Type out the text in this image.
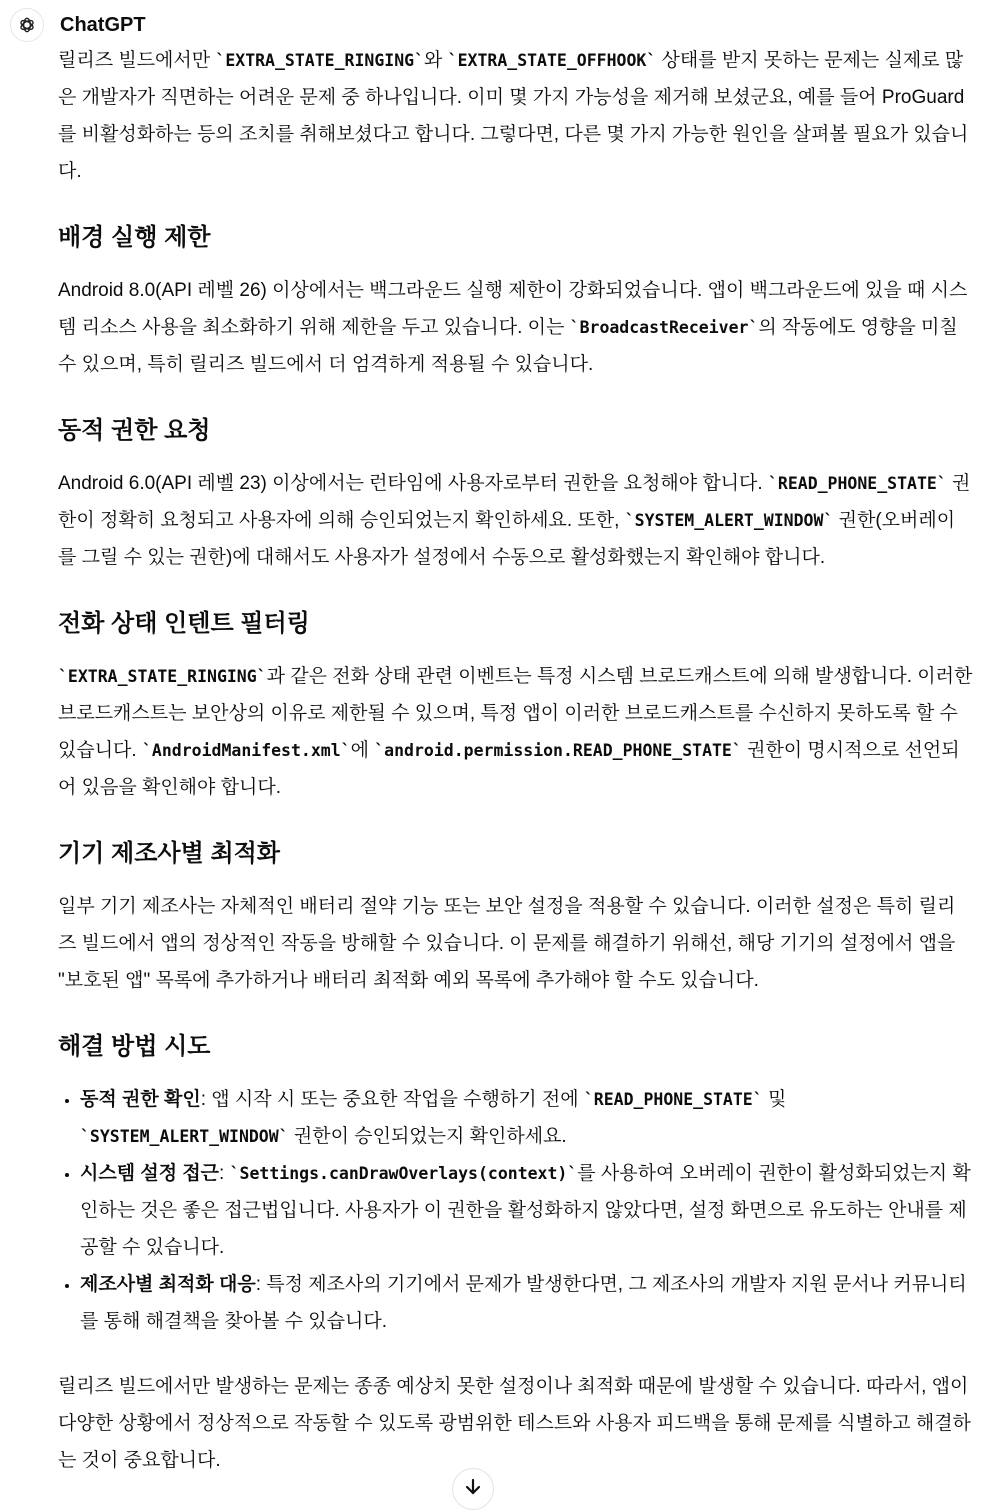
ChatGPT

릴리즈 빌드에서만 `EXTRA_STATE_RINGING`와 `EXTRA_STATE_OFFHOOK` 상태를 받지 못하는 문제는 실제로 많은 개발자가 직면하는 어려운 문제 중 하나입니다. 이미 몇 가지 가능성을 제거해 보셨군요, 예를 들어 ProGuard를 비활성화하는 등의 조치를 취해보셨다고 합니다. 그렇다면, 다른 몇 가지 가능한 원인을 살펴볼 필요가 있습니다.

배경 실행 제한

Android 8.0(API 레벨 26) 이상에서는 백그라운드 실행 제한이 강화되었습니다. 앱이 백그라운드에 있을 때 시스템 리소스 사용을 최소화하기 위해 제한을 두고 있습니다. 이는 `BroadcastReceiver`의 작동에도 영향을 미칠 수 있으며, 특히 릴리즈 빌드에서 더 엄격하게 적용될 수 있습니다.

동적 권한 요청

Android 6.0(API 레벨 23) 이상에서는 런타임에 사용자로부터 권한을 요청해야 합니다. `READ_PHONE_STATE` 권한이 정확히 요청되고 사용자에 의해 승인되었는지 확인하세요. 또한, `SYSTEM_ALERT_WINDOW` 권한(오버레이를 그릴 수 있는 권한)에 대해서도 사용자가 설정에서 수동으로 활성화했는지 확인해야 합니다.

전화 상태 인텐트 필터링

`EXTRA_STATE_RINGING`과 같은 전화 상태 관련 이벤트는 특정 시스템 브로드캐스트에 의해 발생합니다. 이러한 브로드캐스트는 보안상의 이유로 제한될 수 있으며, 특정 앱이 이러한 브로드캐스트를 수신하지 못하도록 할 수 있습니다. `AndroidManifest.xml`에 `android.permission.READ_PHONE_STATE` 권한이 명시적으로 선언되어 있음을 확인해야 합니다.

기기 제조사별 최적화

일부 기기 제조사는 자체적인 배터리 절약 기능 또는 보안 설정을 적용할 수 있습니다. 이러한 설정은 특히 릴리즈 빌드에서 앱의 정상적인 작동을 방해할 수 있습니다. 이 문제를 해결하기 위해선, 해당 기기의 설정에서 앱을 "보호된 앱" 목록에 추가하거나 배터리 최적화 예외 목록에 추가해야 할 수도 있습니다.

해결 방법 시도
• 동적 권한 확인: 앱 시작 시 또는 중요한 작업을 수행하기 전에 `READ_PHONE_STATE` 및 `SYSTEM_ALERT_WINDOW` 권한이 승인되었는지 확인하세요.
• 시스템 설정 접근: `Settings.canDrawOverlays(context)`를 사용하여 오버레이 권한이 활성화되었는지 확인하는 것은 좋은 접근법입니다. 사용자가 이 권한을 활성화하지 않았다면, 설정 화면으로 유도하는 안내를 제공할 수 있습니다.
• 제조사별 최적화 대응: 특정 제조사의 기기에서 문제가 발생한다면, 그 제조사의 개발자 지원 문서나 커뮤니티를 통해 해결책을 찾아볼 수 있습니다.

릴리즈 빌드에서만 발생하는 문제는 종종 예상치 못한 설정이나 최적화 때문에 발생할 수 있습니다. 따라서, 앱이 다양한 상황에서 정상적으로 작동할 수 있도록 광범위한 테스트와 사용자 피드백을 통해 문제를 식별하고 해결하는 것이 중요합니다.
